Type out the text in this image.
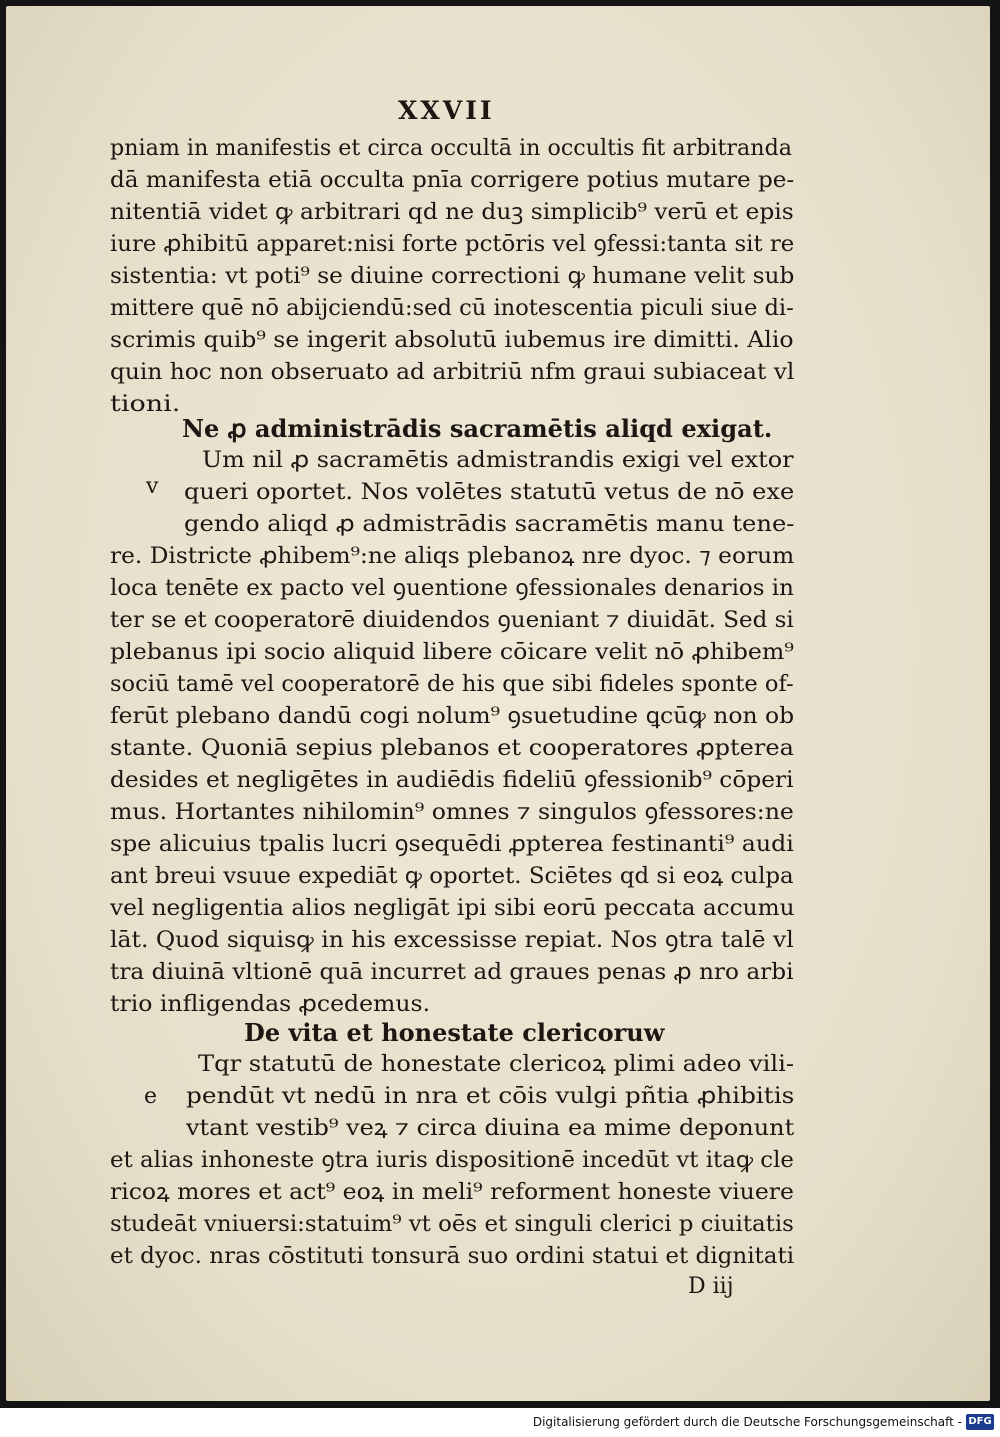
XXVII
pniam in manifestis et circa occultā in occultis fit arbitranda
dā manifesta etiā occulta pnīa corrigere potius mutare pe-
nitentiā videt ꝙ arbitrari qd ne duꝫ simplicib⁹ verū et epis
iure ꝓhibitū apparet:nisi forte pctōris vel ꝯfessi:tanta sit re
sistentia: vt poti⁹ se diuine correctioni ꝙ humane velit sub
mittere quē nō abijciendū:sed cū inotescentia piculi siue di-
scrimis quib⁹ se ingerit absolutū iubemus ire dimitti. Alio
quin hoc non obseruato ad arbitriū nfm graui subiaceat vl
tioni.
Ne ꝓ administrādis sacramētis aliqd exigat.
Um nil ꝓ sacramētis admistrandis exigi vel extor
queri oportet. Nos volētes statutū vetus de nō exe
gendo aliqd ꝓ admistrādis sacramētis manu tene-
re. Districte ꝓhibem⁹:ne aliqs plebanoꝝ nre dyoc. ⁊ eorum
loca tenēte ex pacto vel ꝯuentione ꝯfessionales denarios in
ter se et cooperatorē diuidendos ꝯueniant ⁊ diuidāt. Sed si
plebanus ipi socio aliquid libere cōicare velit nō ꝓhibem⁹
sociū tamē vel cooperatorē de his que sibi fideles sponte of-
ferūt plebano dandū cogi nolum⁹ ꝯsuetudine ꝗcūꝙ non ob
stante. Quoniā sepius plebanos et cooperatores ꝓpterea
desides et negligētes in audiēdis fideliū ꝯfessionib⁹ cōperi
mus. Hortantes nihilomin⁹ omnes ⁊ singulos ꝯfessores:ne
spe alicuius tpalis lucri ꝯsequēdi ꝓpterea festinanti⁹ audi
ant breui vsuue expediāt ꝙ oportet. Sciētes qd si eoꝝ culpa
vel negligentia alios negligāt ipi sibi eorū peccata accumu
lāt. Quod siquisꝙ in his excessisse repiat. Nos ꝯtra talē vl
tra diuinā vltionē quā incurret ad graues penas ꝓ nro arbi
trio infligendas ꝓcedemus.
De vita et honestate clericoruw
Tqr statutū de honestate clericoꝝ plimi adeo vili-
pendūt vt nedū in nra et cōis vulgi pñtia ꝓhibitis
vtant vestib⁹ veꝝ ⁊ circa diuina ea mime deponunt
et alias inhoneste ꝯtra iuris dispositionē incedūt vt itaꝙ cle
ricoꝝ mores et act⁹ eoꝝ in meli⁹ reforment honeste viuere
studeāt vniuersi:statuim⁹ vt oēs et singuli clerici p ciuitatis
et dyoc. nras cōstituti tonsurā suo ordini statui et dignitati
v
e
D iij
Digitalisierung gefördert durch die Deutsche Forschungsgemeinschaft - DFG
